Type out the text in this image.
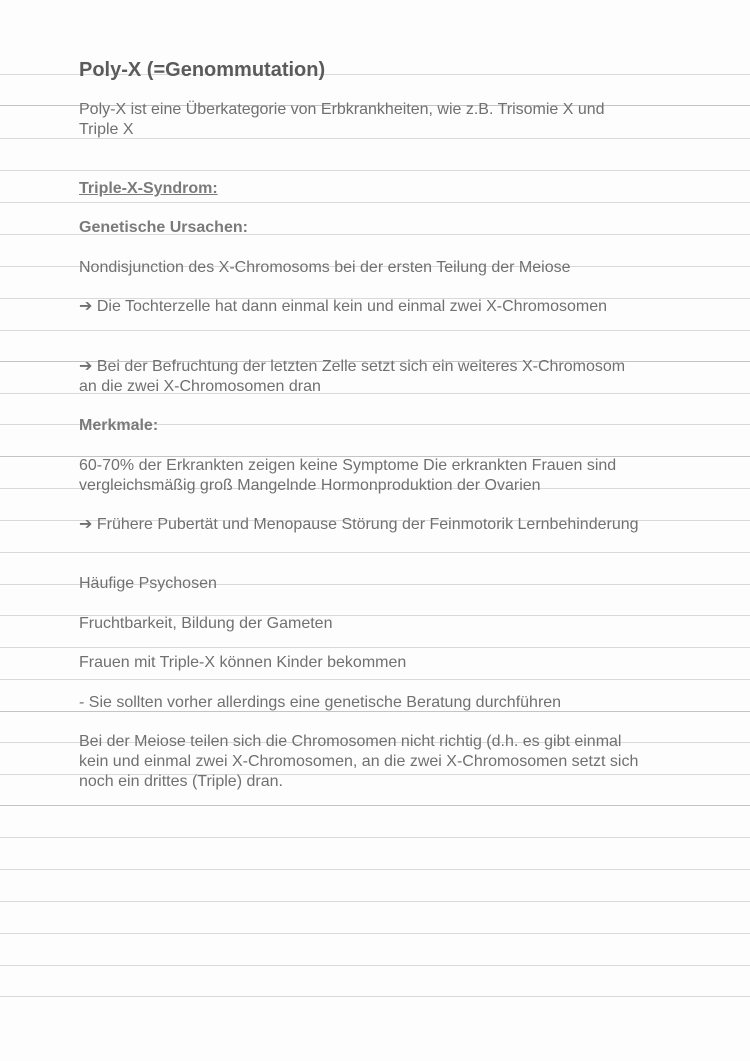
Poly-X (=Genommutation)

Poly-X ist eine Überkategorie von Erbkrankheiten, wie z.B. Trisomie X und Triple X

Triple-X-Syndrom:

Genetische Ursachen:

Nondisjunction des X-Chromosoms bei der ersten Teilung der Meiose

➔ Die Tochterzelle hat dann einmal kein und einmal zwei X-Chromosomen

➔ Bei der Befruchtung der letzten Zelle setzt sich ein weiteres X-Chromosom an die zwei X-Chromosomen dran

Merkmale:

60-70% der Erkrankten zeigen keine Symptome Die erkrankten Frauen sind vergleichsmäßig groß Mangelnde Hormonproduktion der Ovarien

➔ Frühere Pubertät und Menopause Störung der Feinmotorik Lernbehinderung

Häufige Psychosen

Fruchtbarkeit, Bildung der Gameten

Frauen mit Triple-X können Kinder bekommen

- Sie sollten vorher allerdings eine genetische Beratung durchführen

Bei der Meiose teilen sich die Chromosomen nicht richtig (d.h. es gibt einmal kein und einmal zwei X-Chromosomen, an die zwei X-Chromosomen setzt sich noch ein drittes (Triple) dran.
